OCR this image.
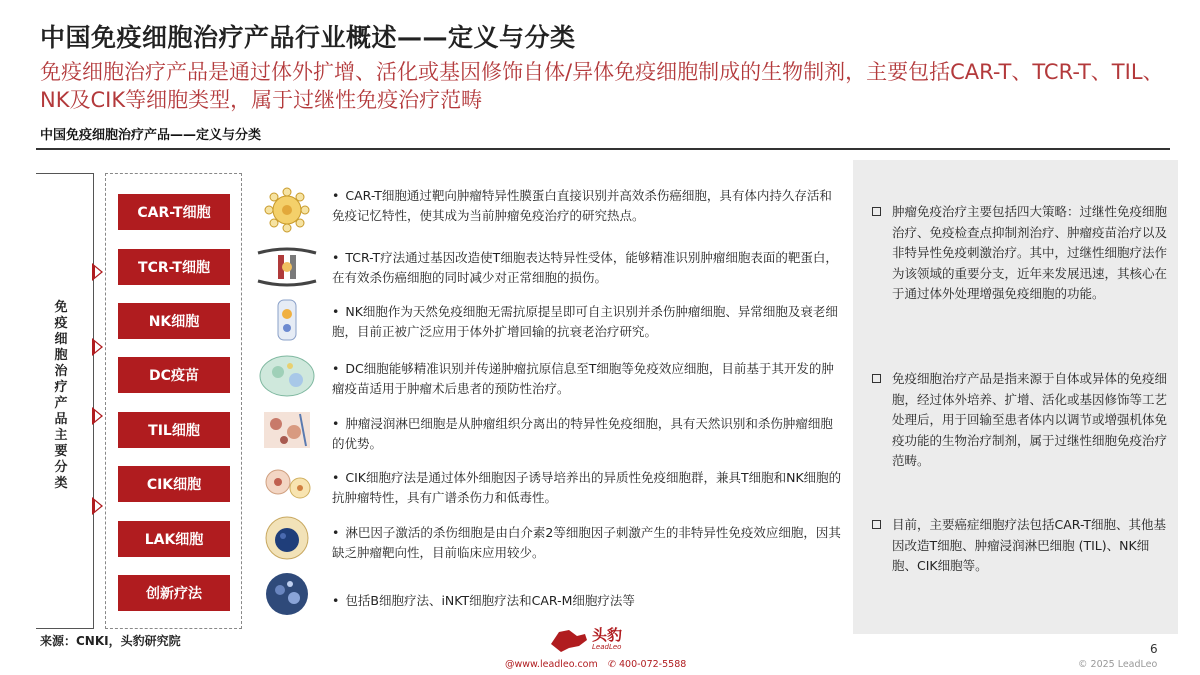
中国免疫细胞治疗产品行业概述——定义与分类
免疫细胞治疗产品是通过体外扩增、活化或基因修饰自体/异体免疫细胞制成的生物制剂，主要包括CAR-T、TCR-T、TIL、NK及CIK等细胞类型，属于过继性免疫治疗范畴
中国免疫细胞治疗产品——定义与分类
免疫细胞治疗产品主要分类
CAR-T细胞
TCR-T细胞
NK细胞
DC疫苗
TIL细胞
CIK细胞
LAK细胞
创新疗法
• CAR-T细胞通过靶向肿瘤特异性膜蛋白直接识别并高效杀伤癌细胞，具有体内持久存活和免疫记忆特性，使其成为当前肿瘤免疫治疗的研究热点。
• TCR-T疗法通过基因改造使T细胞表达特异性受体，能够精准识别肿瘤细胞表面的靶蛋白，在有效杀伤癌细胞的同时减少对正常细胞的损伤。
• NK细胞作为天然免疫细胞无需抗原提呈即可自主识别并杀伤肿瘤细胞、异常细胞及衰老细胞，目前正被广泛应用于体外扩增回输的抗衰老治疗研究。
• DC细胞能够精准识别并传递肿瘤抗原信息至T细胞等免疫效应细胞，目前基于其开发的肿瘤疫苗适用于肿瘤术后患者的预防性治疗。
• 肿瘤浸润淋巴细胞是从肿瘤组织分离出的特异性免疫细胞，具有天然识别和杀伤肿瘤细胞的优势。
• CIK细胞疗法是通过体外细胞因子诱导培养出的异质性免疫细胞群，兼具T细胞和NK细胞的抗肿瘤特性，具有广谱杀伤力和低毒性。
• 淋巴因子激活的杀伤细胞是由白介素2等细胞因子刺激产生的非特异性免疫效应细胞，因其缺乏肿瘤靶向性，目前临床应用较少。
• 包括B细胞疗法、iNKT细胞疗法和CAR-M细胞疗法等
肿瘤免疫治疗主要包括四大策略：过继性免疫细胞治疗、免疫检查点抑制剂治疗、肿瘤疫苗治疗以及非特异性免疫刺激治疗。其中，过继性细胞疗法作为该领域的重要分支，近年来发展迅速，其核心在于通过体外处理增强免疫细胞的功能。
免疫细胞治疗产品是指来源于自体或异体的免疫细胞，经过体外培养、扩增、活化或基因修饰等工艺处理后，用于回输至患者体内以调节或增强机体免疫功能的生物治疗制剂，属于过继性细胞免疫治疗范畴。
目前，主要癌症细胞疗法包括CAR-T细胞、其他基因改造T细胞、肿瘤浸润淋巴细胞 (TIL)、NK细胞、CIK细胞等。
来源：CNKI，头豹研究院	头豹
LeadLeo
@www.leadleo.com ✆ 400-072-5588
6
© 2025 LeadLeo
